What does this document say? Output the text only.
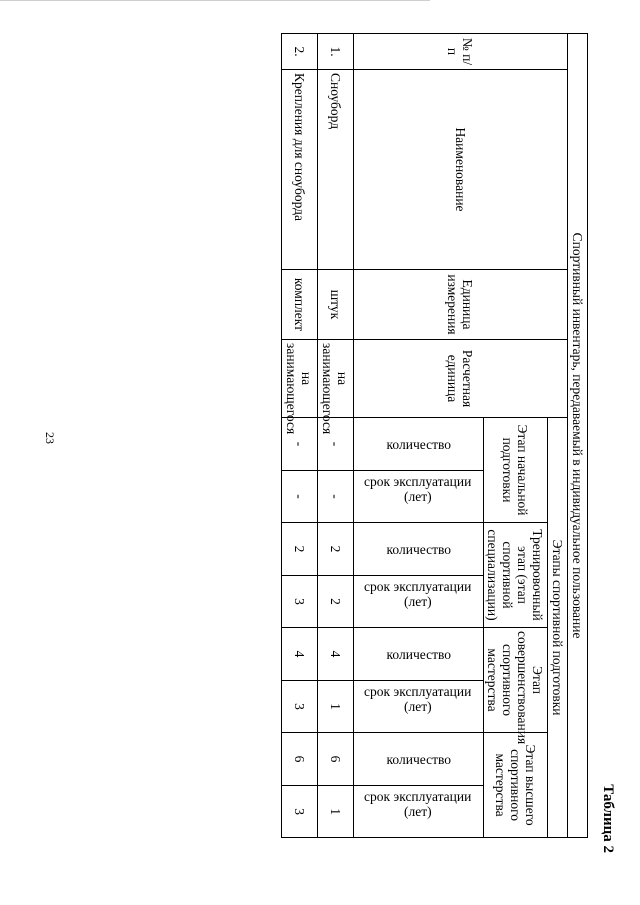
23
Таблица 2
Спортивный инвентарь, передаваемый в индивидуальное пользование											
№ п/п	Наименование	Единица измерения	Расчетная единица	Этапы спортивной подготовки							
				Этап начальной подготовки		Тренировочный этап (этап спортивной специализации)		Этап совершенствования спортивного мастерства		Этап высшего спортивного мастерства	

				количество	срок эксплуатации (лет)	количество	срок эксплуатации (лет)	количество	срок эксплуатации (лет)	количество	срок эксплуатации (лет)

1.	Сноуборд	штук	на занимающегося	-	-	2	2	4	1	6	1
2.	Крепления для сноуборда	комплект	на занимающегося	-	-	2	3	4	3	6	3
